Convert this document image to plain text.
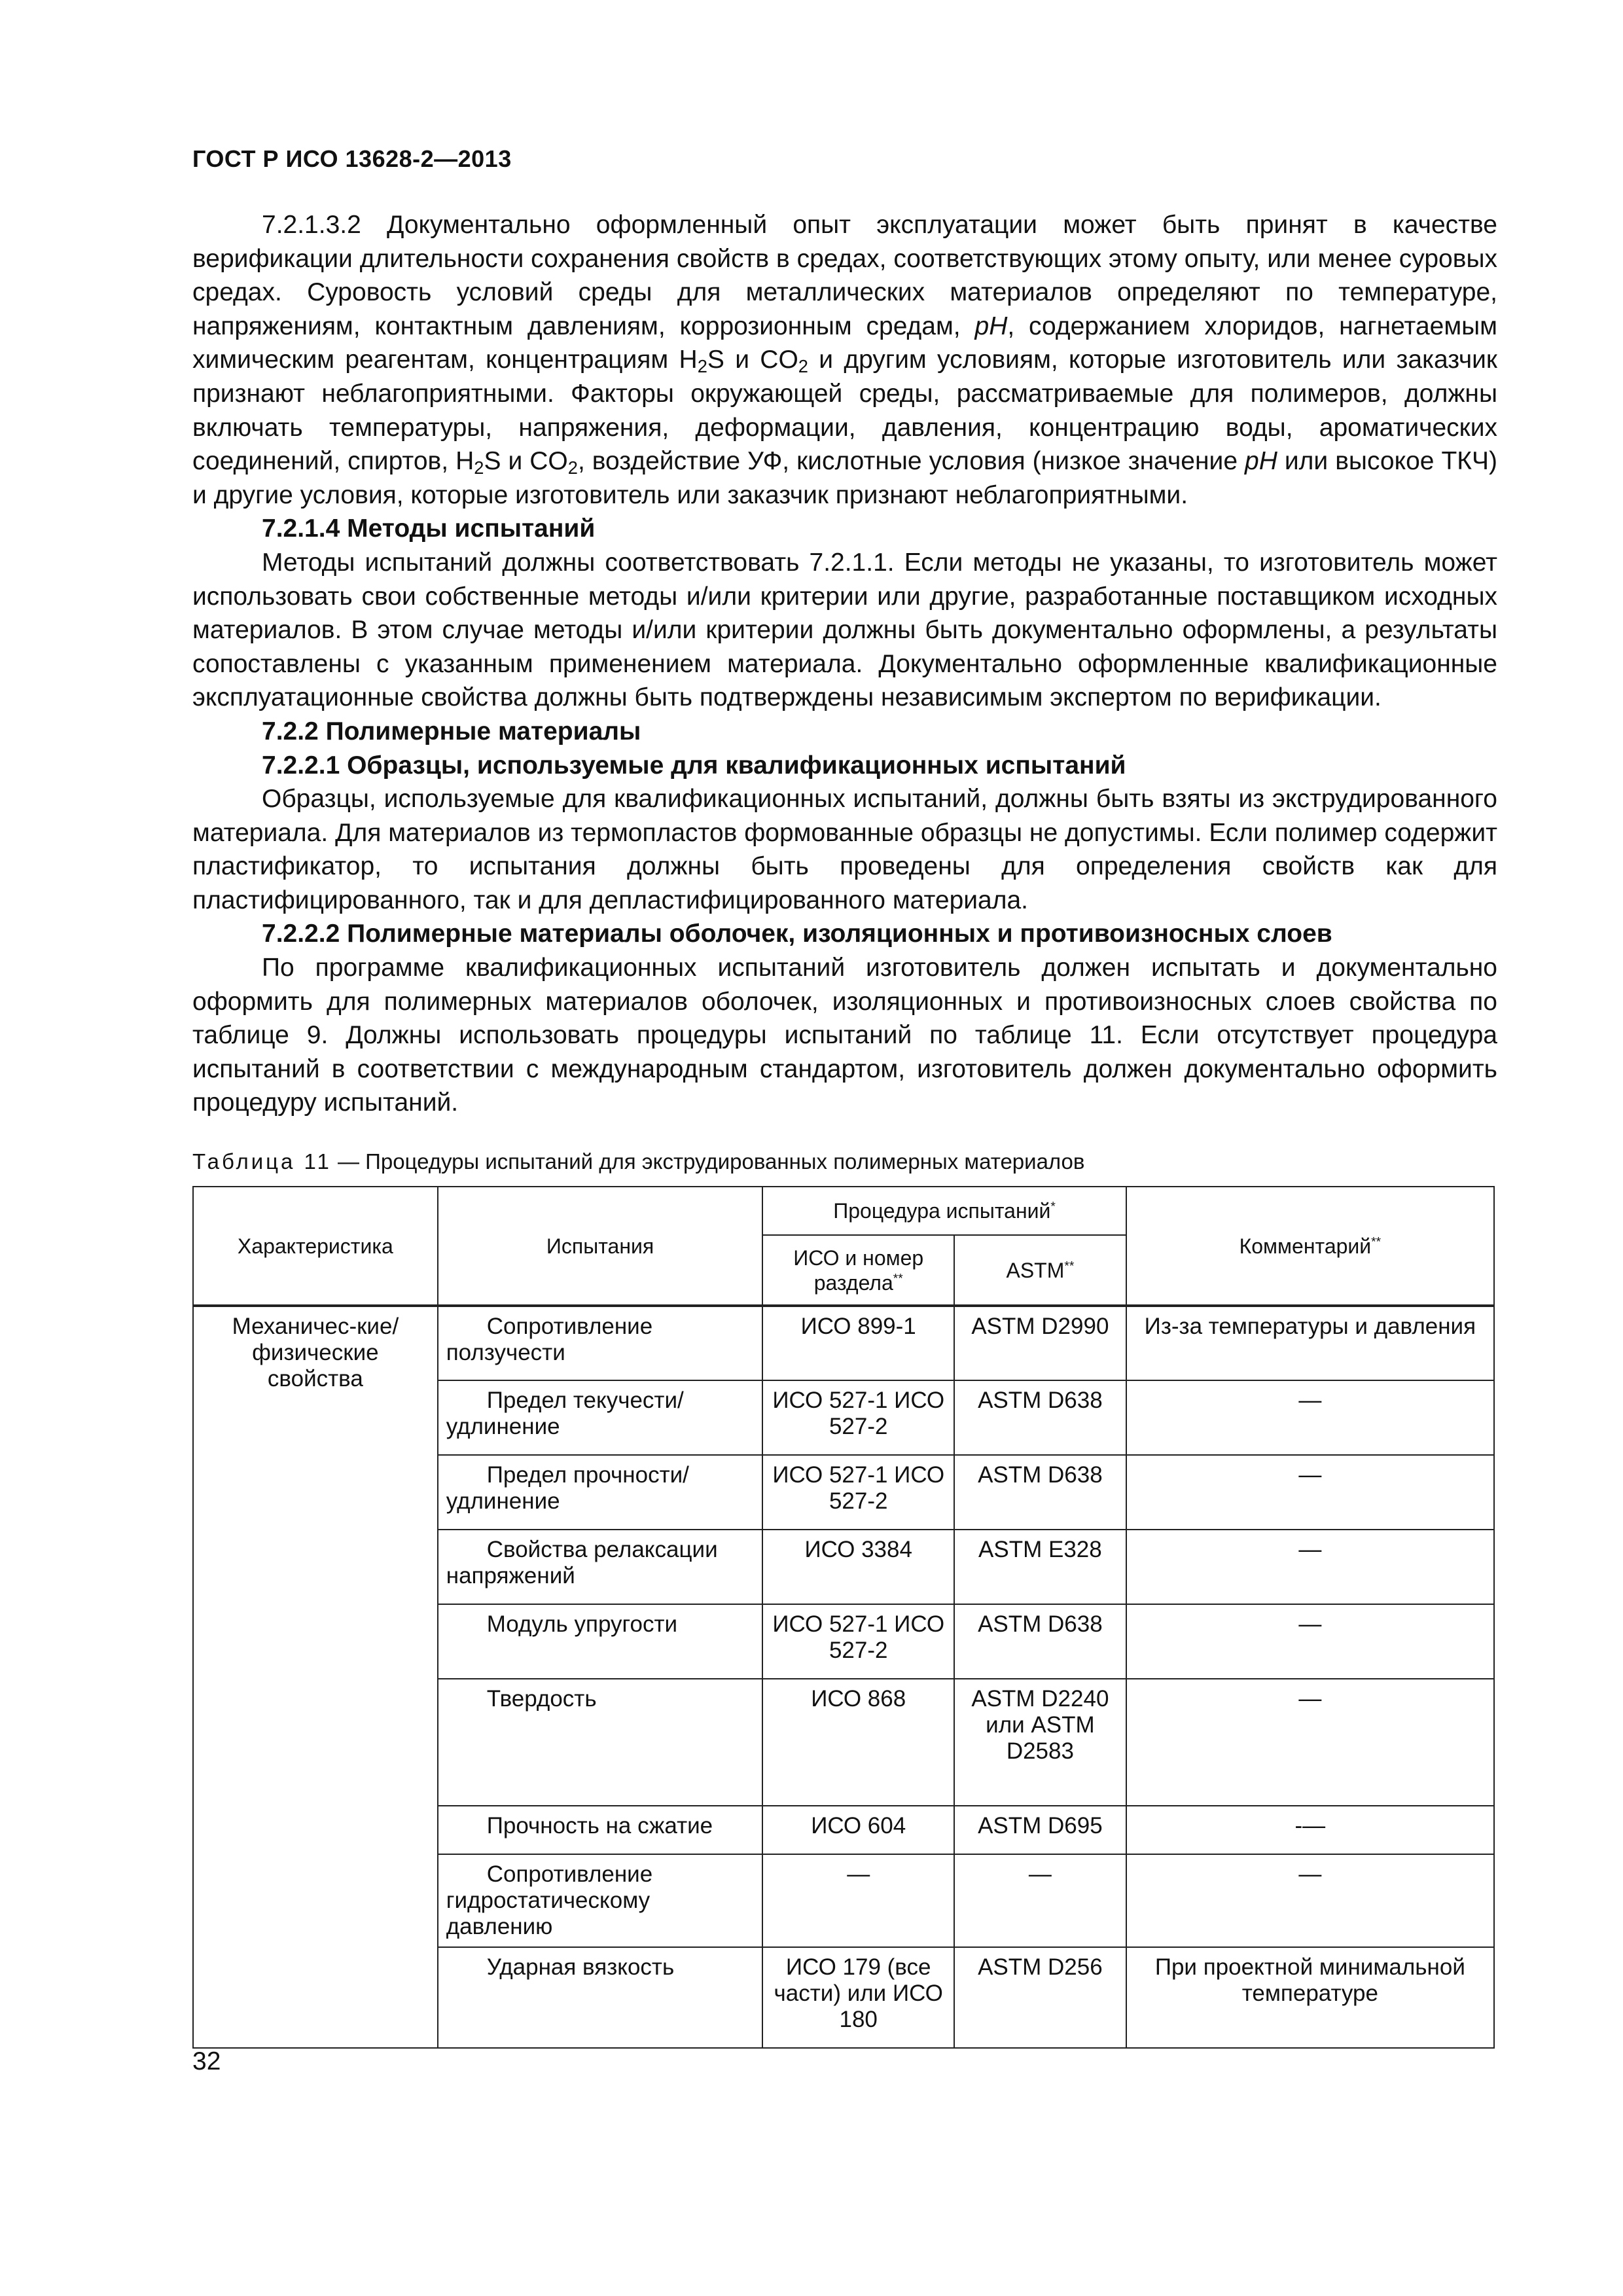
ГОСТ Р ИСО 13628-2—2013

7.2.1.3.2 Документально оформленный опыт эксплуатации может быть принят в качестве верификации длительности сохранения свойств в средах, соответствующих этому опыту, или менее суровых средах. Суровость условий среды для металлических материалов определяют по температуре, напряжениям, контактным давлениям, коррозионным средам, pH, содержанием хлоридов, нагнетаемым химическим реагентам, концентрациям $H_2S$ и $CO_2$ и другим условиям, которые изготовитель или заказчик признают неблагоприятными. Факторы окружающей среды, рассматриваемые для полимеров, должны включать температуры, напряжения, деформации, давления, концентрацию воды, ароматических соединений, спиртов, $H_2S$ и $CO_2$, воздействие УФ, кислотные условия (низкое значение pH или высокое ТКЧ) и другие условия, которые изготовитель или заказчик признают неблагоприятными.

7.2.1.4 Методы испытаний

Методы испытаний должны соответствовать 7.2.1.1. Если методы не указаны, то изготовитель может использовать свои собственные методы и/или критерии или другие, разработанные поставщиком исходных материалов. В этом случае методы и/или критерии должны быть документально оформлены, а результаты сопоставлены с указанным применением материала. Документально оформленные квалификационные эксплуатационные свойства должны быть подтверждены независимым экспертом по верификации.

7.2.2 Полимерные материалы

7.2.2.1 Образцы, используемые для квалификационных испытаний

Образцы, используемые для квалификационных испытаний, должны быть взяты из экструдированного материала. Для материалов из термопластов формованные образцы не допустимы. Если полимер содержит пластификатор, то испытания должны быть проведены для определения свойств как для пластифицированного, так и для депластифицированного материала.

7.2.2.2 Полимерные материалы оболочек, изоляционных и противоизносных слоев

По программе квалификационных испытаний изготовитель должен испытать и документально оформить для полимерных материалов оболочек, изоляционных и противоизносных слоев свойства по таблице 9. Должны использовать процедуры испытаний по таблице 11. Если отсутствует процедура испытаний в соответствии с международным стандартом, изготовитель должен документально оформить процедуру испытаний.

Таблица 11 — Процедуры испытаний для экструдированных полимерных материалов
Характеристика	Испытания	Процедура испытаний*		Комментарий**
		ИСО и номер раздела**	ASTM**
Механичес-кие/физические свойства	Сопротивление ползучести	ИСО 899-1	ASTM D2990	Из-за температуры и давления
	Предел текучести/удлинение	ИСО 527-1 ИСО 527-2	ASTM D638	—
	Предел прочности/удлинение	ИСО 527-1 ИСО 527-2	ASTM D638	—
	Свойства релаксации напряжений	ИСО 3384	ASTM E328	—
	Модуль упругости	ИСО 527-1 ИСО 527-2	ASTM D638	—
	Твердость	ИСО 868	ASTM D2240 или ASTM D2583	—
	Прочность на сжатие	ИСО 604	ASTM D695	-—
	Сопротивление гидростатическому давлению	—	—	—
	Ударная вязкость	ИСО 179 (все части) или ИСО 180	ASTM D256	При проектной минимальной температуре
32
